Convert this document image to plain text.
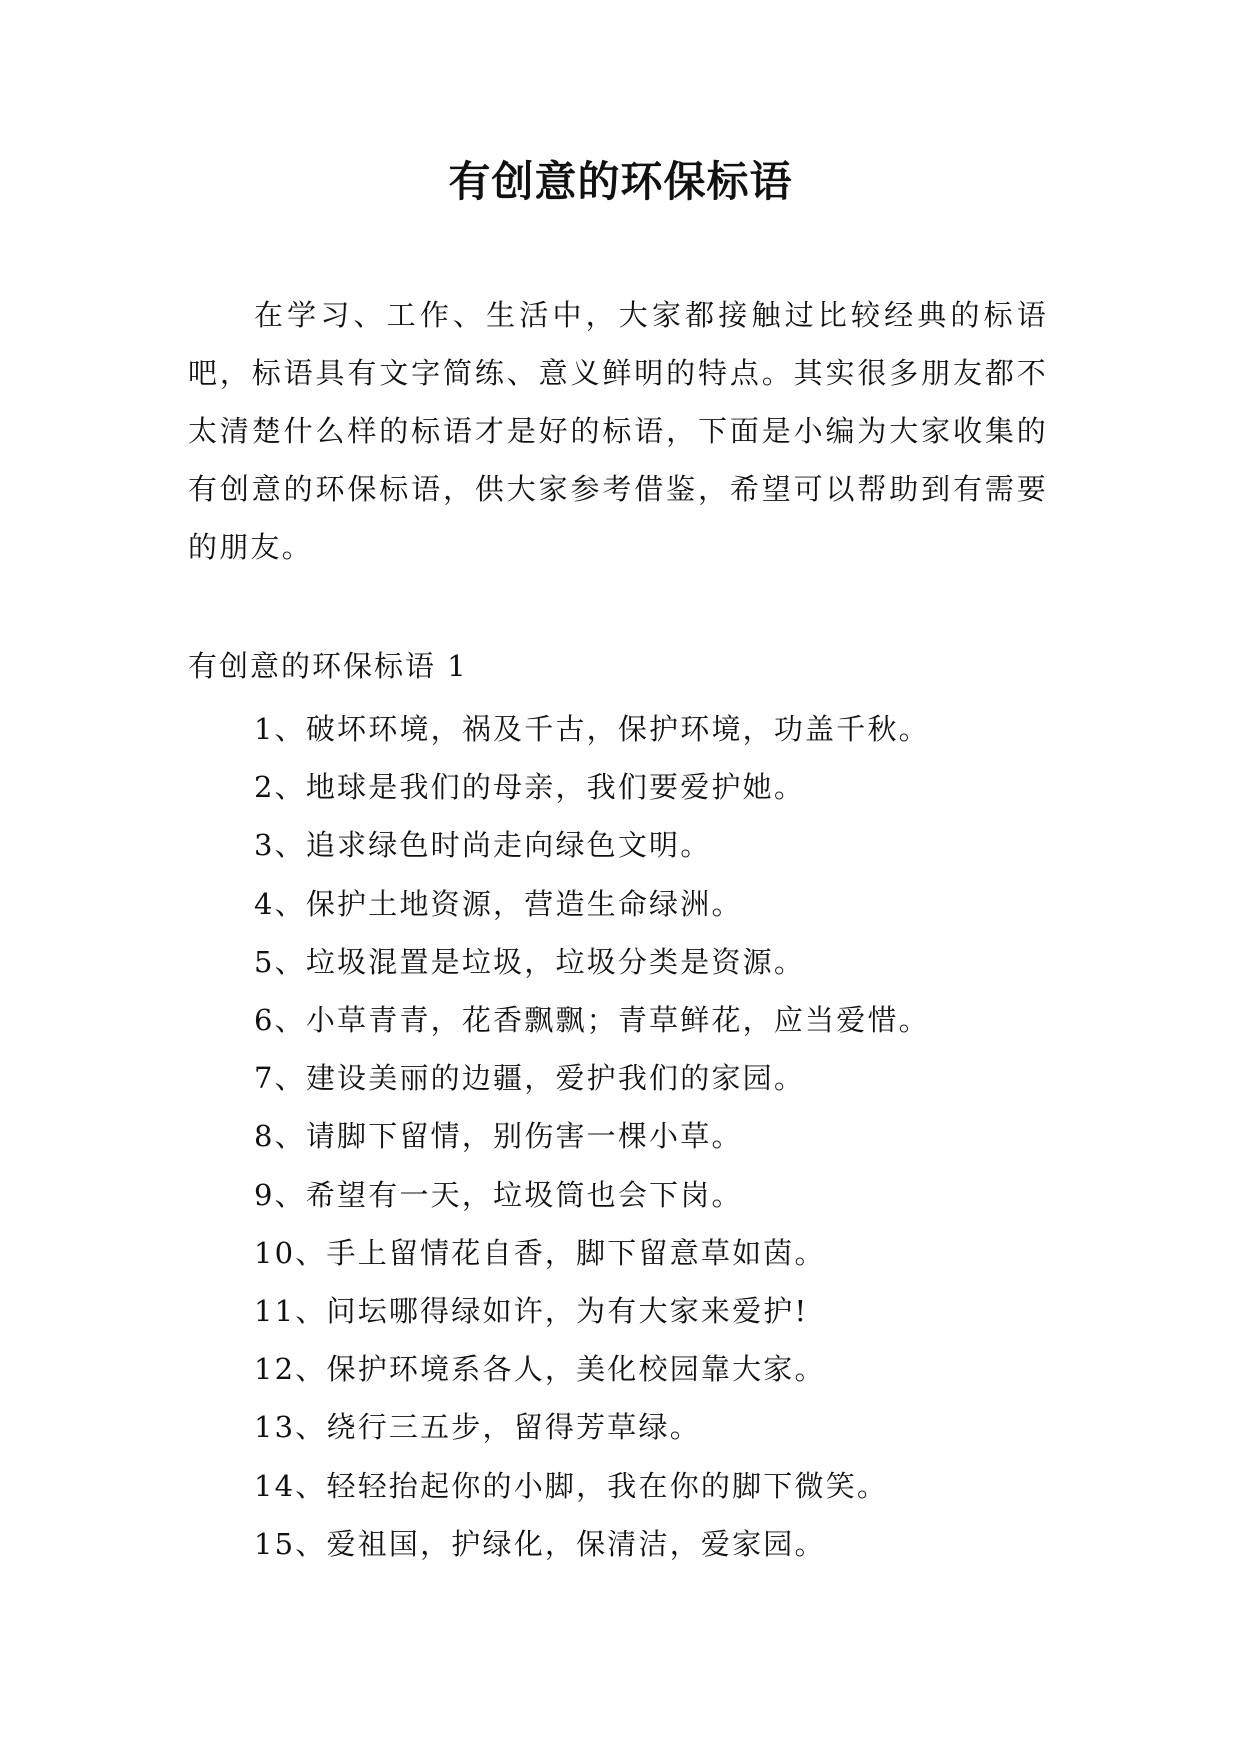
有创意的环保标语

在学习、工作、生活中，大家都接触过比较经典的标语吧，标语具有文字简练、意义鲜明的特点。其实很多朋友都不太清楚什么样的标语才是好的标语，下面是小编为大家收集的有创意的环保标语，供大家参考借鉴，希望可以帮助到有需要的朋友。

有创意的环保标语 1
1、破坏环境，祸及千古，保护环境，功盖千秋。
2、地球是我们的母亲，我们要爱护她。
3、追求绿色时尚走向绿色文明。
4、保护土地资源，营造生命绿洲。
5、垃圾混置是垃圾，垃圾分类是资源。
6、小草青青，花香飘飘；青草鲜花，应当爱惜。
7、建设美丽的边疆，爱护我们的家园。
8、请脚下留情，别伤害一棵小草。
9、希望有一天，垃圾筒也会下岗。
10、手上留情花自香，脚下留意草如茵。
11、问坛哪得绿如许，为有大家来爱护!
12、保护环境系各人，美化校园靠大家。
13、绕行三五步，留得芳草绿。
14、轻轻抬起你的小脚，我在你的脚下微笑。
15、爱祖国，护绿化，保清洁，爱家园。
